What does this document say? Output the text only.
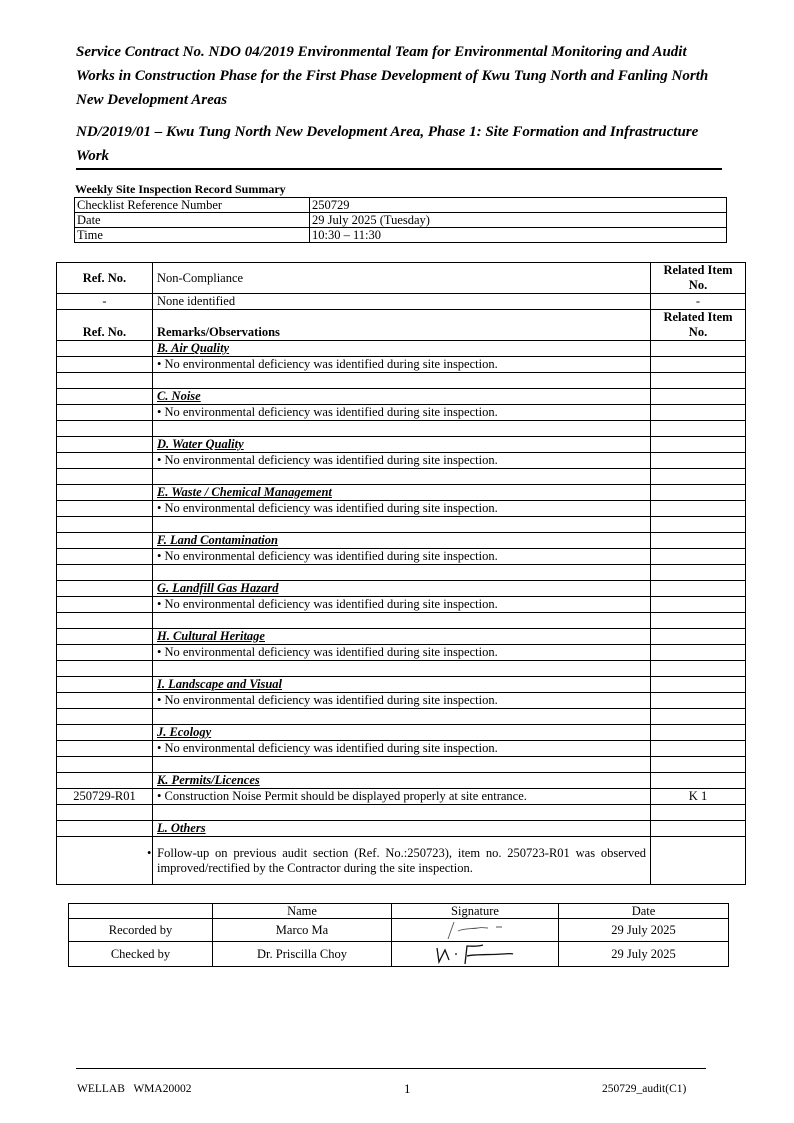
Service Contract No. NDO 04/2019 Environmental Team for Environmental Monitoring and Audit Works in Construction Phase for the First Phase Development of Kwu Tung North and Fanling North New Development Areas

ND/2019/01 – Kwu Tung North New Development Area, Phase 1: Site Formation and Infrastructure Work

Weekly Site Inspection Record Summary

Checklist Reference Number	250729
Date	29 July 2025 (Tuesday)
Time	10:30 – 11:30
Ref. No.	Non-Compliance	Related Item No.
-	None identified	-
Ref. No.	Remarks/Observations	Related Item No.
	B. Air Quality	
	• No environmental deficiency was identified during site inspection.	

	C. Noise	
	• No environmental deficiency was identified during site inspection.	

	D. Water Quality	
	• No environmental deficiency was identified during site inspection.	

	E. Waste / Chemical Management	
	• No environmental deficiency was identified during site inspection.	

	F. Land Contamination	
	• No environmental deficiency was identified during site inspection.	

	G. Landfill Gas Hazard	
	• No environmental deficiency was identified during site inspection.	

	H. Cultural Heritage	
	• No environmental deficiency was identified during site inspection.	

	I. Landscape and Visual	
	• No environmental deficiency was identified during site inspection.	

	J. Ecology	
	• No environmental deficiency was identified during site inspection.	

	K. Permits/Licences	
250729-R01	• Construction Noise Permit should be displayed properly at site entrance.	K 1

	L. Others	
	• Follow-up on previous audit section (Ref. No.:250723), item no. 250723-R01 was observed improved/rectified by the Contractor during the site inspection.	
	Name	Signature	Date
Recorded by	Marco Ma		29 July 2025
Checked by	Dr. Priscilla Choy		29 July 2025
WELLAB   WMA20002	1	250729_audit(C1)
